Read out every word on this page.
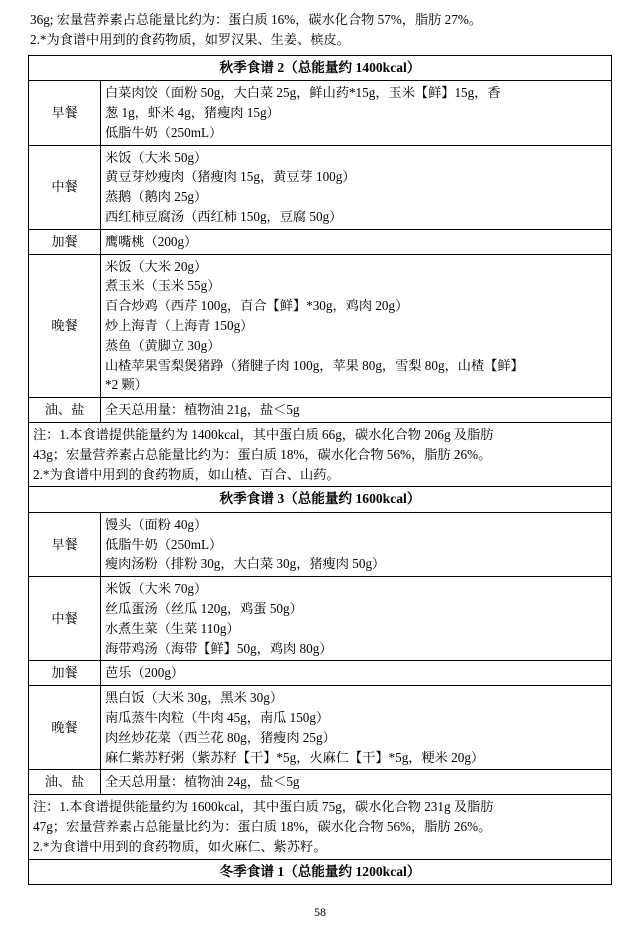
36g; 宏量营养素占总能量比约为：蛋白质 16%，碳水化合物 57%，脂肪 27%。
2.*为食谱中用到的食药物质，如罗汉果、生姜、槟皮。
秋季食谱 2（总能量约 1400kcal）	
早餐	白菜肉饺（面粉 50g，大白菜 25g，鲜山药*15g，玉米【鲜】15g，香
葱 1g，虾米 4g，猪瘦肉 15g）
低脂牛奶（250mL）

中餐	米饭（大米 50g）
黄豆芽炒瘦肉（猪瘦肉 15g，黄豆芽 100g）
蒸鹅（鹅肉 25g）
西红柿豆腐汤（西红柿 150g，豆腐 50g）

加餐	鹰嘴桃（200g）

晚餐	
米饭（大米 20g）
煮玉米（玉米 55g）
百合炒鸡（西芹 100g，百合【鲜】*30g，鸡肉 20g）
炒上海青（上海青 150g）
蒸鱼（黄脚立 30g）
山楂苹果雪梨煲猪踭（猪腱子肉 100g，苹果 80g，雪梨 80g，山楂【鲜】
*2 颗）

油、盐	全天总用量：植物油 21g，盐＜5g

注：1.本食谱提供能量约为 1400kcal，其中蛋白质 66g，碳水化合物 206g 及脂肪
43g；宏量营养素占总能量比约为：蛋白质 18%，碳水化合物 56%，脂肪 26%。
2.*为食谱中用到的食药物质，如山楂、百合、山药。	

秋季食谱 3（总能量约 1600kcal）	
早餐	馒头（面粉 40g）
低脂牛奶（250mL）
瘦肉汤粉（排粉 30g，大白菜 30g，猪瘦肉 50g）

中餐	米饭（大米 70g）
丝瓜蛋汤（丝瓜 120g，鸡蛋 50g）
水煮生菜（生菜 110g）
海带鸡汤（海带【鲜】50g，鸡肉 80g）

加餐	芭乐（200g）

晚餐	黑白饭（大米 30g，黑米 30g）
南瓜蒸牛肉粒（牛肉 45g，南瓜 150g）
肉丝炒花菜（西兰花 80g，猪瘦肉 25g）
麻仁紫苏籽粥（紫苏籽【干】*5g，火麻仁【干】*5g，粳米 20g）

油、盐	全天总用量：植物油 24g，盐＜5g

注：1.本食谱提供能量约为 1600kcal，其中蛋白质 75g，碳水化合物 231g 及脂肪
47g；宏量营养素占总能量比约为：蛋白质 18%，碳水化合物 56%，脂肪 26%。
2.*为食谱中用到的食药物质，如火麻仁、紫苏籽。	

冬季食谱 1（总能量约 1200kcal）	
58
